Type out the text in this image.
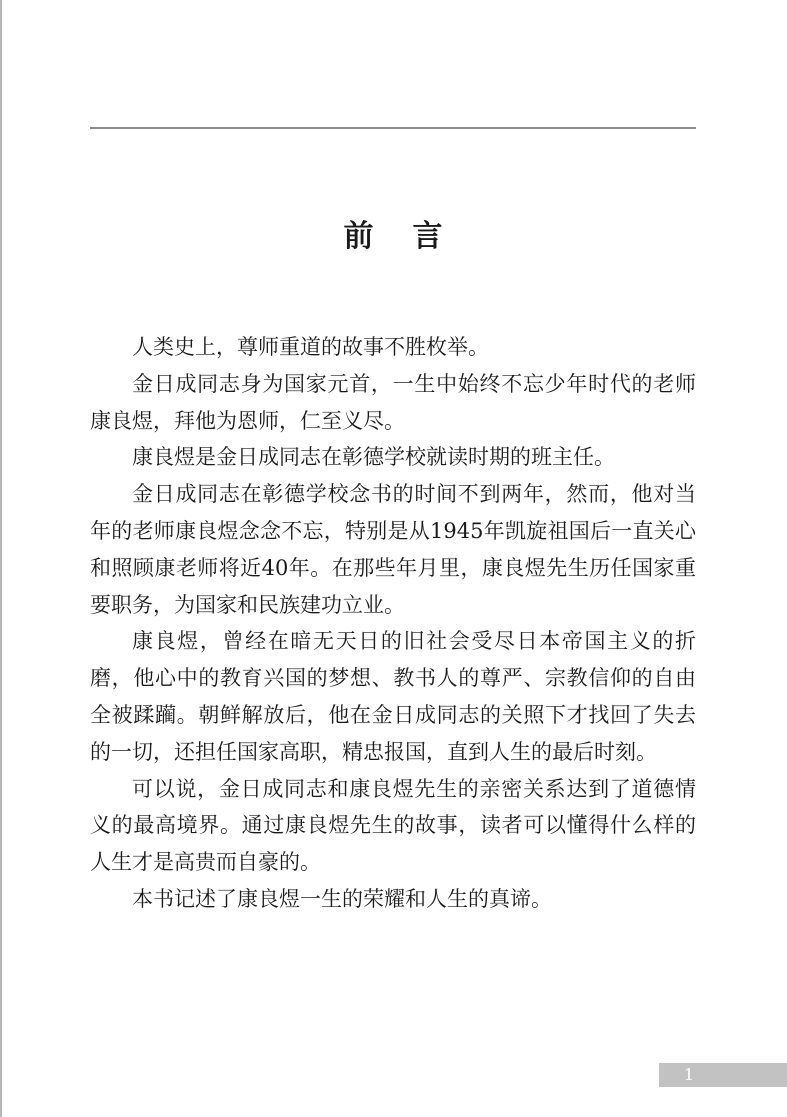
前 言

人类史上，尊师重道的故事不胜枚举。

金日成同志身为国家元首，一生中始终不忘少年时代的老师康良煜，拜他为恩师，仁至义尽。

康良煜是金日成同志在彰德学校就读时期的班主任。

金日成同志在彰德学校念书的时间不到两年，然而，他对当年的老师康良煜念念不忘，特别是从1945年凯旋祖国后一直关心和照顾康老师将近40年。在那些年月里，康良煜先生历任国家重要职务，为国家和民族建功立业。

康良煜，曾经在暗无天日的旧社会受尽日本帝国主义的折磨，他心中的教育兴国的梦想、教书人的尊严、宗教信仰的自由全被蹂躏。朝鲜解放后，他在金日成同志的关照下才找回了失去的一切，还担任国家高职，精忠报国，直到人生的最后时刻。

可以说，金日成同志和康良煜先生的亲密关系达到了道德情义的最高境界。通过康良煜先生的故事，读者可以懂得什么样的人生才是高贵而自豪的。

本书记述了康良煜一生的荣耀和人生的真谛。

1
